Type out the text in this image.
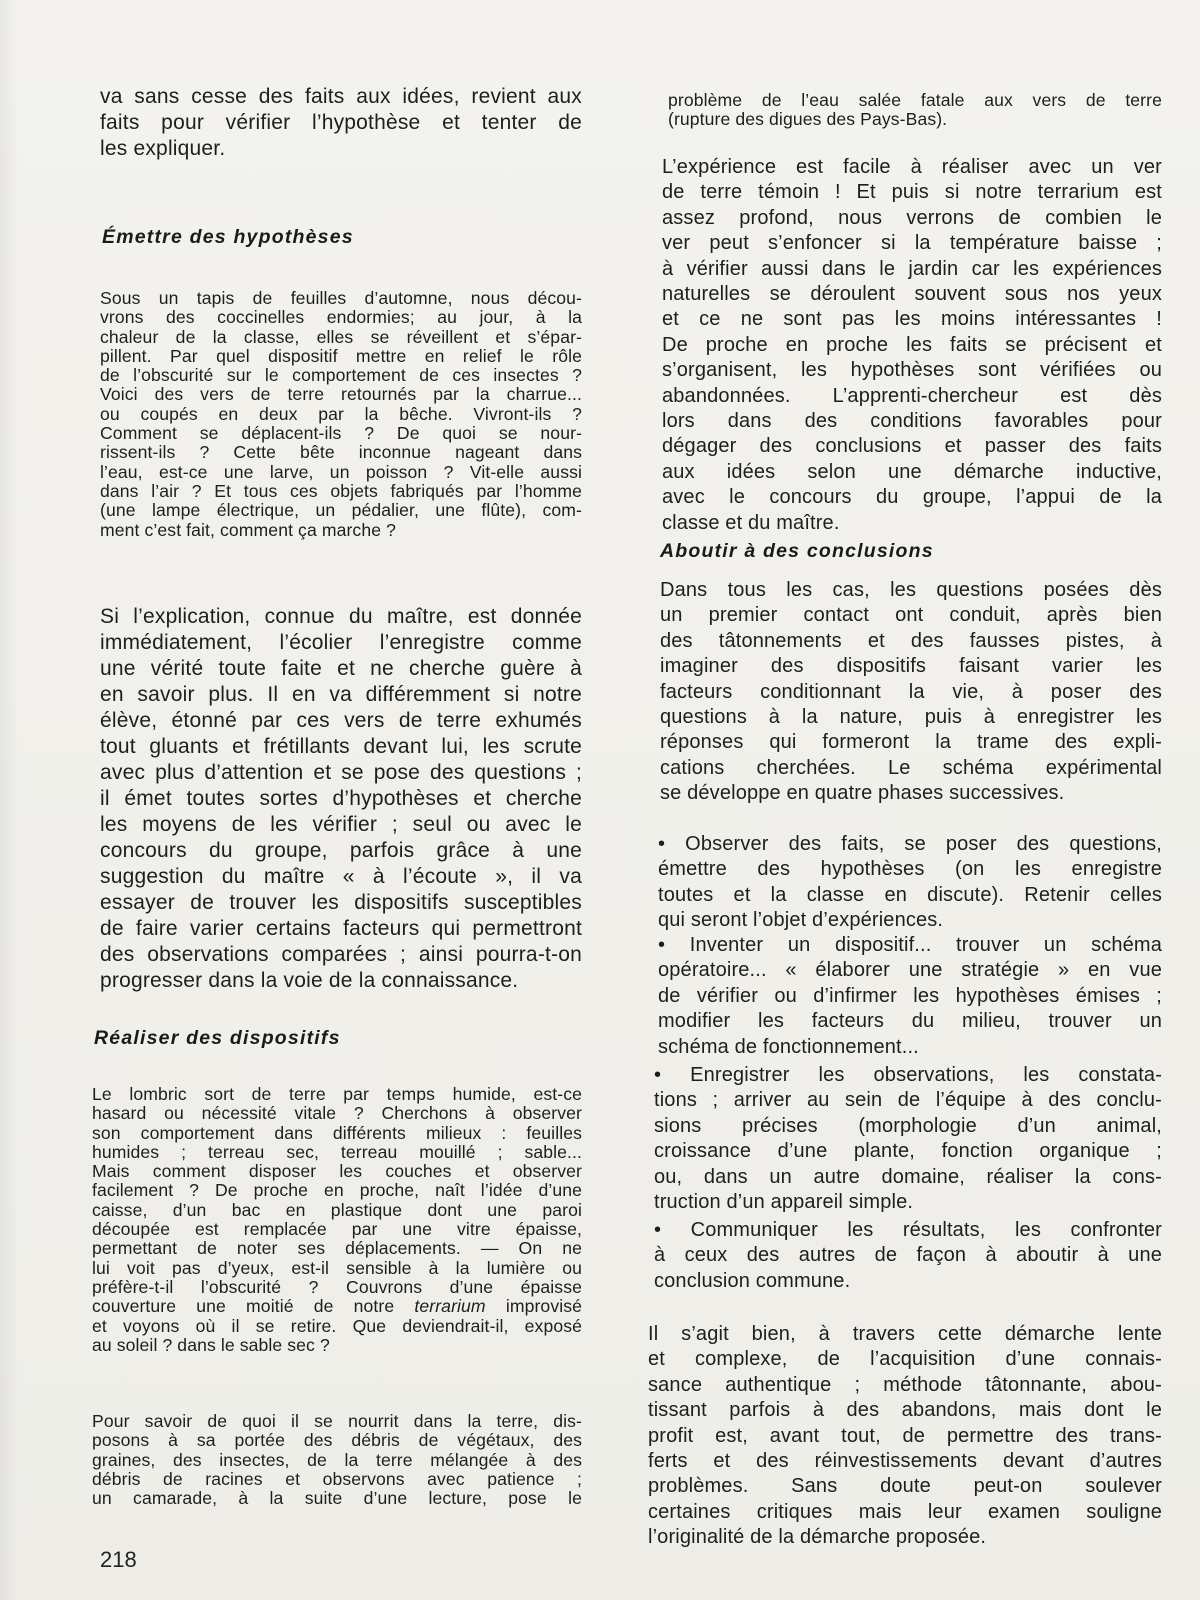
va sans cesse des faits aux idées, revient aux
faits pour vérifier l’hypothèse et tenter de
les expliquer.
Émettre des hypothèses
Sous un tapis de feuilles d’automne, nous décou-
vrons des coccinelles endormies; au jour, à la
chaleur de la classe, elles se réveillent et s’épar-
pillent. Par quel dispositif mettre en relief le rôle
de l’obscurité sur le comportement de ces insectes ?
Voici des vers de terre retournés par la charrue...
ou coupés en deux par la bêche. Vivront-ils ?
Comment se déplacent-ils ? De quoi se nour-
rissent-ils ? Cette bête inconnue nageant dans
l’eau, est-ce une larve, un poisson ? Vit-elle aussi
dans l’air ? Et tous ces objets fabriqués par l’homme
(une lampe électrique, un pédalier, une flûte), com-
ment c’est fait, comment ça marche ?
Si l’explication, connue du maître, est donnée
immédiatement, l’écolier l’enregistre comme
une vérité toute faite et ne cherche guère à
en savoir plus. Il en va différemment si notre
élève, étonné par ces vers de terre exhumés
tout gluants et frétillants devant lui, les scrute
avec plus d’attention et se pose des questions ;
il émet toutes sortes d’hypothèses et cherche
les moyens de les vérifier ; seul ou avec le
concours du groupe, parfois grâce à une
suggestion du maître « à l’écoute », il va
essayer de trouver les dispositifs susceptibles
de faire varier certains facteurs qui permettront
des observations comparées ; ainsi pourra-t-on
progresser dans la voie de la connaissance.
Réaliser des dispositifs
Le lombric sort de terre par temps humide, est-ce
hasard ou nécessité vitale ? Cherchons à observer
son comportement dans différents milieux : feuilles
humides ; terreau sec, terreau mouillé ; sable...
Mais comment disposer les couches et observer
facilement ? De proche en proche, naît l’idée d’une
caisse, d’un bac en plastique dont une paroi
découpée est remplacée par une vitre épaisse,
permettant de noter ses déplacements. — On ne
lui voit pas d’yeux, est-il sensible à la lumière ou
préfère-t-il l’obscurité ? Couvrons d’une épaisse
couverture une moitié de notre terrarium improvisé
et voyons où il se retire. Que deviendrait-il, exposé
au soleil ? dans le sable sec ?
Pour savoir de quoi il se nourrit dans la terre, dis-
posons à sa portée des débris de végétaux, des
graines, des insectes, de la terre mélangée à des
débris de racines et observons avec patience ;
un camarade, à la suite d’une lecture, pose le
218
problème de l’eau salée fatale aux vers de terre
(rupture des digues des Pays-Bas).
L’expérience est facile à réaliser avec un ver
de terre témoin ! Et puis si notre terrarium est
assez profond, nous verrons de combien le
ver peut s’enfoncer si la température baisse ;
à vérifier aussi dans le jardin car les expériences
naturelles se déroulent souvent sous nos yeux
et ce ne sont pas les moins intéressantes !
De proche en proche les faits se précisent et
s’organisent, les hypothèses sont vérifiées ou
abandonnées. L’apprenti-chercheur est dès
lors dans des conditions favorables pour
dégager des conclusions et passer des faits
aux idées selon une démarche inductive,
avec le concours du groupe, l’appui de la
classe et du maître.
Aboutir à des conclusions
Dans tous les cas, les questions posées dès
un premier contact ont conduit, après bien
des tâtonnements et des fausses pistes, à
imaginer des dispositifs faisant varier les
facteurs conditionnant la vie, à poser des
questions à la nature, puis à enregistrer les
réponses qui formeront la trame des expli-
cations cherchées. Le schéma expérimental
se développe en quatre phases successives.
• Observer des faits, se poser des questions,
émettre des hypothèses (on les enregistre
toutes et la classe en discute). Retenir celles
qui seront l’objet d’expériences.
• Inventer un dispositif... trouver un schéma
opératoire... « élaborer une stratégie » en vue
de vérifier ou d’infirmer les hypothèses émises ;
modifier les facteurs du milieu, trouver un
schéma de fonctionnement...
• Enregistrer les observations, les constata-
tions ; arriver au sein de l’équipe à des conclu-
sions précises (morphologie d’un animal,
croissance d’une plante, fonction organique ;
ou, dans un autre domaine, réaliser la cons-
truction d’un appareil simple.
• Communiquer les résultats, les confronter
à ceux des autres de façon à aboutir à une
conclusion commune.
Il s’agit bien, à travers cette démarche lente
et complexe, de l’acquisition d’une connais-
sance authentique ; méthode tâtonnante, abou-
tissant parfois à des abandons, mais dont le
profit est, avant tout, de permettre des trans-
ferts et des réinvestissements devant d’autres
problèmes. Sans doute peut-on soulever
certaines critiques mais leur examen souligne
l’originalité de la démarche proposée.
